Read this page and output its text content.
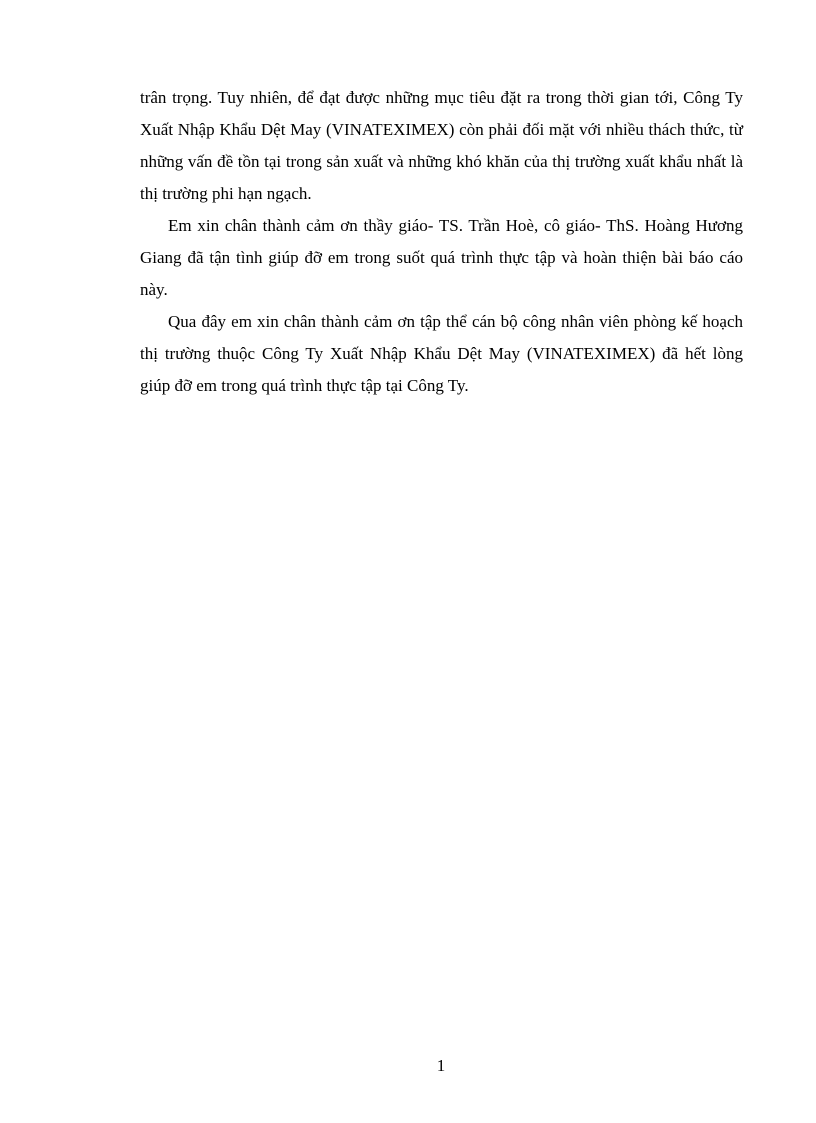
trân trọng. Tuy nhiên, để đạt được những mục tiêu đặt ra trong thời gian tới, Công Ty Xuất Nhập Khẩu Dệt May (VINATEXIMEX) còn phải đối mặt với nhiều thách thức, từ những vấn đề tồn tại trong sản xuất và những khó khăn của thị trường xuất khẩu nhất là thị trường phi hạn ngạch.

Em xin chân thành cảm ơn thầy giáo- TS. Trần Hoè, cô giáo- ThS. Hoàng Hương Giang đã tận tình giúp đỡ em trong suốt quá trình thực tập và hoàn thiện bài báo cáo này.

Qua đây em xin chân thành cảm ơn tập thể cán bộ công nhân viên phòng kế hoạch thị trường thuộc Công Ty Xuất Nhập Khẩu Dệt May (VINATEXIMEX) đã hết lòng giúp đỡ em trong quá trình thực tập tại Công Ty.

1
